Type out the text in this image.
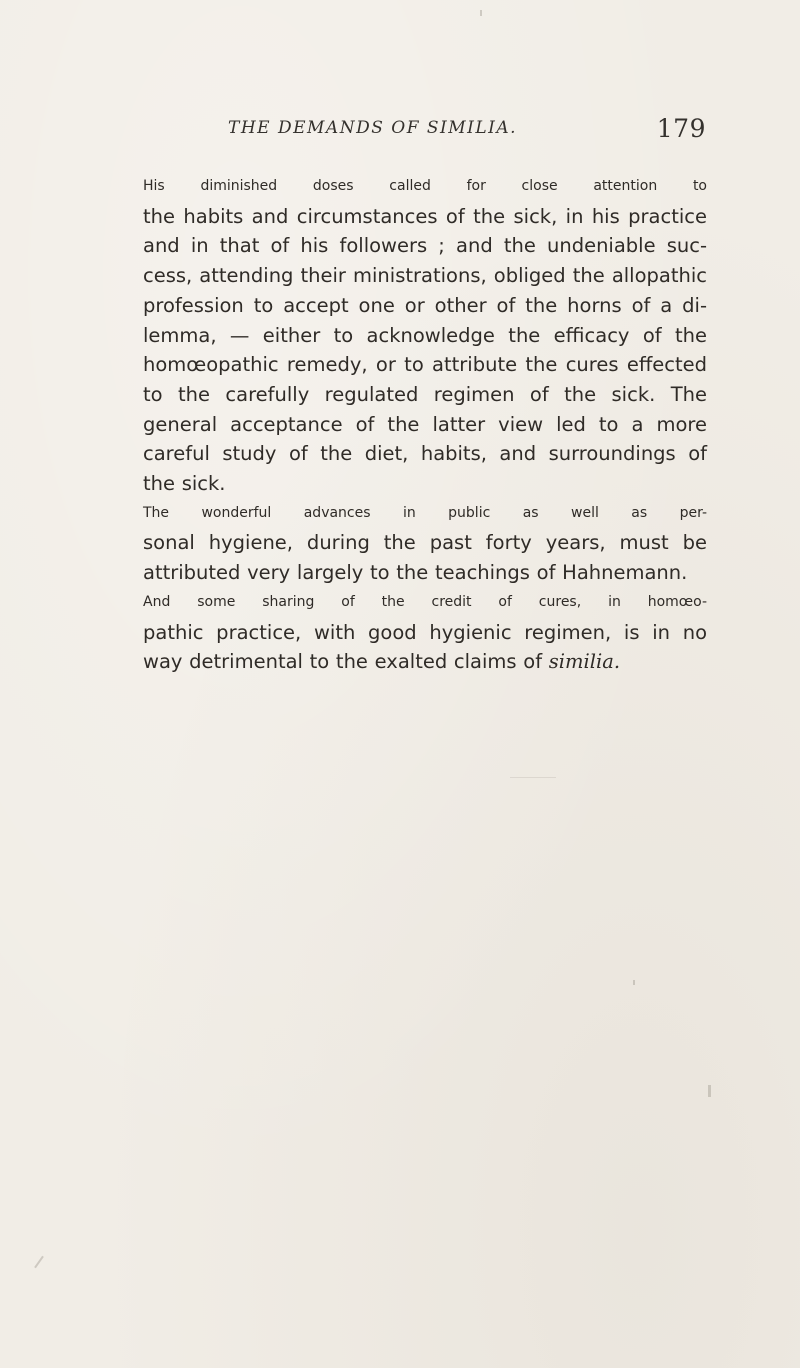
THE DEMANDS OF SIMILIA.	179

His diminished doses called for close attention to
the habits and circumstances of the sick, in his practice
and in that of his followers ; and the undeniable suc-
cess, attending their ministrations, obliged the allopathic
profession to accept one or other of the horns of a di-
lemma, — either to acknowledge the efficacy of the
homœopathic remedy, or to attribute the cures effected
to the carefully regulated regimen of the sick. The
general acceptance of the latter view led to a more
careful study of the diet, habits, and surroundings of
the sick.

The wonderful advances in public as well as per-
sonal hygiene, during the past forty years, must be
attributed very largely to the teachings of Hahnemann.

And some sharing of the credit of cures, in homœo-
pathic practice, with good hygienic regimen, is in no
way detrimental to the exalted claims of similia.
